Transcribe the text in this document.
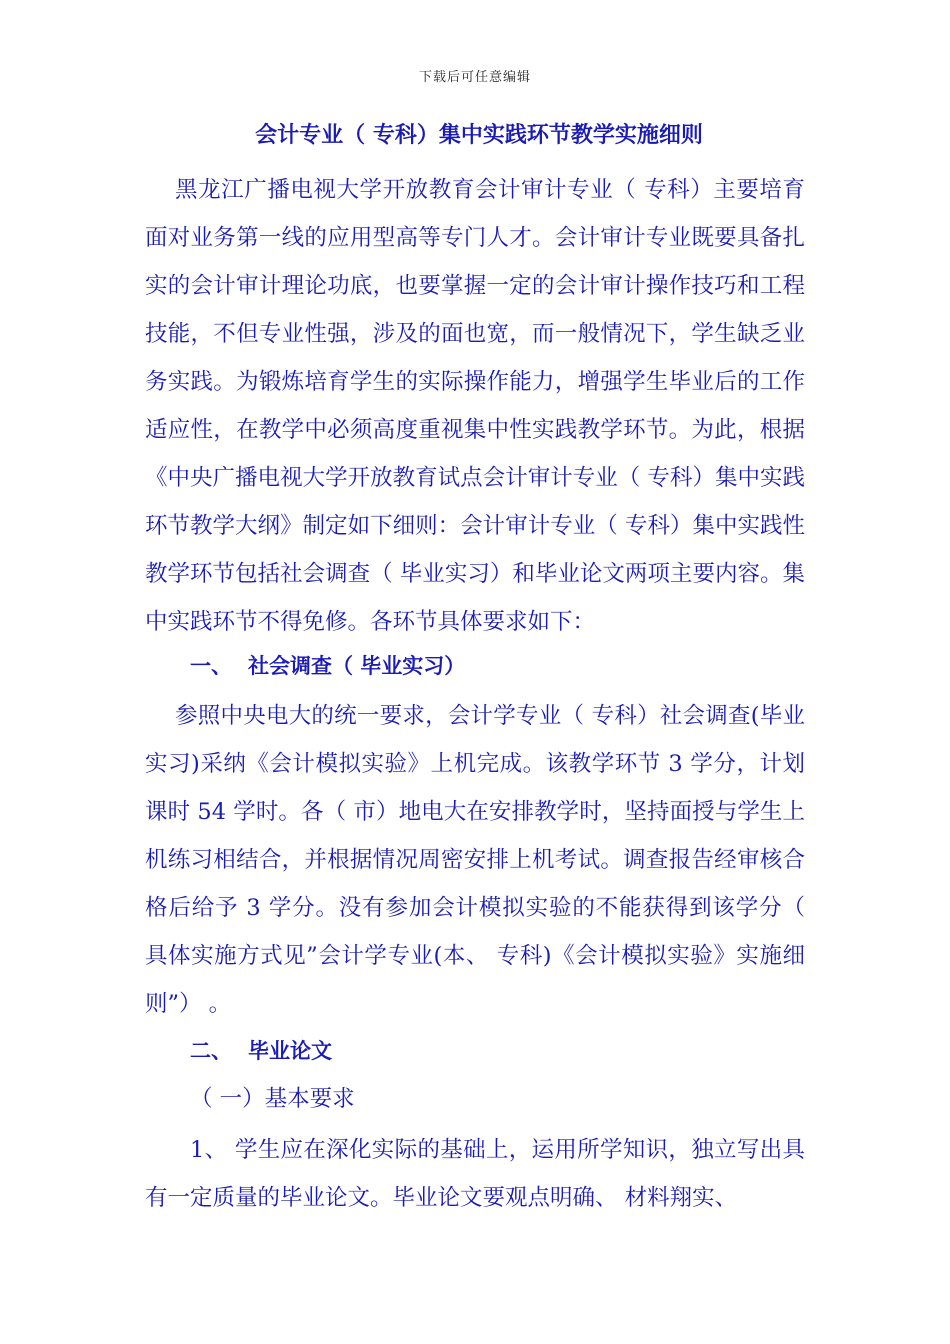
下载后可任意编辑
会计专业（ 专科）集中实践环节教学实施细则

黑龙江广播电视大学开放教育会计审计专业（ 专科）主要培育面对业务第一线的应用型高等专门人才。会计审计专业既要具备扎实的会计审计理论功底，也要掌握一定的会计审计操作技巧和工程技能，不但专业性强，涉及的面也宽，而一般情况下，学生缺乏业务实践。为锻炼培育学生的实际操作能力，增强学生毕业后的工作适应性，在教学中必须高度重视集中性实践教学环节。为此，根据《中央广播电视大学开放教育试点会计审计专业（ 专科）集中实践环节教学大纲》制定如下细则：会计审计专业（ 专科）集中实践性教学环节包括社会调查（ 毕业实习）和毕业论文两项主要内容。集中实践环节不得免修。各环节具体要求如下：

一、 社会调查（ 毕业实习）

参照中央电大的统一要求，会计学专业（ 专科）社会调查(毕业实习)采纳《会计模拟实验》上机完成。该教学环节 3 学分，计划课时 54 学时。各（ 市）地电大在安排教学时，坚持面授与学生上机练习相结合，并根据情况周密安排上机考试。调查报告经审核合格后给予 3 学分。没有参加会计模拟实验的不能获得到该学分（ 具体实施方式见”会计学专业(本、 专科)《会计模拟实验》实施细则”） 。

二、 毕业论文
（ 一）基本要求

1、 学生应在深化实际的基础上，运用所学知识，独立写出具有一定质量的毕业论文。毕业论文要观点明确、 材料翔实、
